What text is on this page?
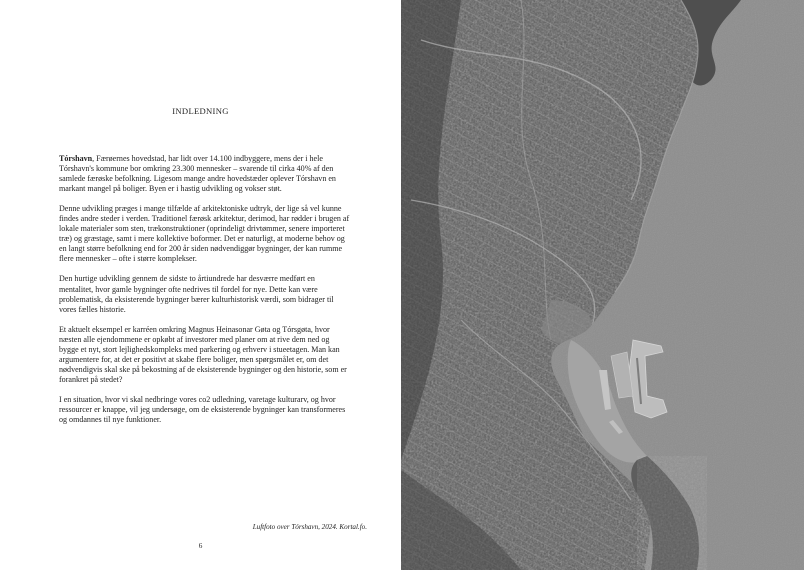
INDLEDNING

Tórshavn, Færøernes hovedstad, har lidt over 14.100 indbyggere, mens der i hele Tórshavn's kommune bor omkring 23.300 mennesker – svarende til cirka 40% af den samlede færøske befolkning. Ligesom mange andre hovedstæder oplever Tórshavn en markant mangel på boliger. Byen er i hastig udvikling og vokser støt.

Denne udvikling præges i mange tilfælde af arkitektoniske udtryk, der lige så vel kunne findes andre steder i verden. Traditionel færøsk arkitektur, derimod, har rødder i brugen af lokale materialer som sten, trækonstruktioner (oprindeligt drivtømmer, senere importeret træ) og græstage, samt i mere kollektive boformer. Det er naturligt, at moderne behov og en langt større befolkning end for 200 år siden nødvendiggør bygninger, der kan rumme flere mennesker – ofte i større komplekser.

Den hurtige udvikling gennem de sidste to årtiundrede har desværre medført en mentalitet, hvor gamle bygninger ofte nedrives til fordel for nye. Dette kan være problematisk, da eksisterende bygninger bærer kulturhistorisk værdi, som bidrager til vores fælles historie.

Et aktuelt eksempel er karréen omkring Magnus Heinasonar Gøta og Tórsgøta, hvor næsten alle ejendommene er opkøbt af investorer med planer om at rive dem ned og bygge et nyt, stort lejlighedskompleks med parkering og erhverv i stueetagen. Man kan argumentere for, at det er positivt at skabe flere boliger, men spørgsmålet er, om det nødvendigvis skal ske på bekostning af de eksisterende bygninger og den historie, som er forankret på stedet?

I en situation, hvor vi skal nedbringe vores co2 udledning, varetage kulturarv, og hvor ressourcer er knappe, vil jeg undersøge, om de eksisterende bygninger kan transformeres og omdannes til nye funktioner.

Luftfoto over Tórshavn, 2024. Kortal.fo.
6
